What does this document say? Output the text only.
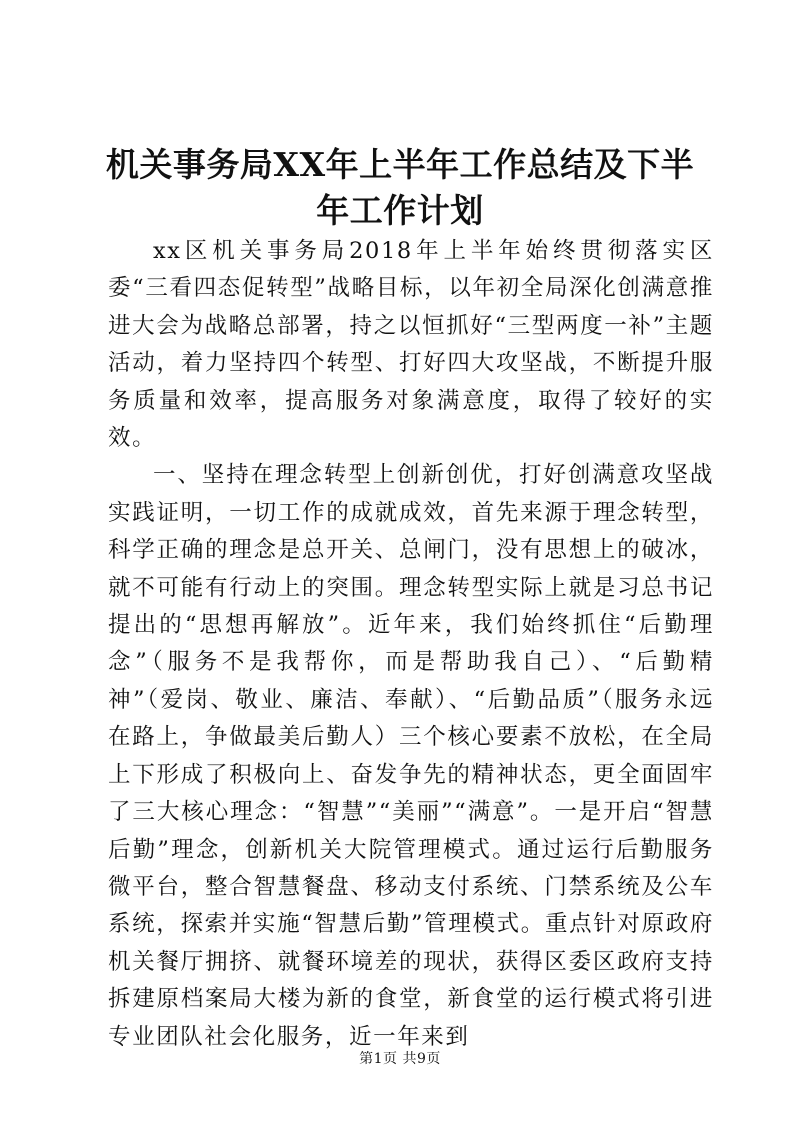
机关事务局XX年上半年工作总结及下半年工作计划

xx区机关事务局2018年上半年始终贯彻落实区委“三看四态促转型”战略目标，以年初全局深化创满意推进大会为战略总部署，持之以恒抓好“三型两度一补”主题活动，着力坚持四个转型、打好四大攻坚战，不断提升服务质量和效率，提高服务对象满意度，取得了较好的实效。

一、坚持在理念转型上创新创优，打好创满意攻坚战实践证明，一切工作的成就成效，首先来源于理念转型，科学正确的理念是总开关、总闸门，没有思想上的破冰，就不可能有行动上的突围。理念转型实际上就是习总书记提出的“思想再解放”。近年来，我们始终抓住“后勤理念”（服务不是我帮你，而是帮助我自己）、“后勤精神”（爱岗、敬业、廉洁、奉献）、“后勤品质”（服务永远在路上，争做最美后勤人）三个核心要素不放松，在全局上下形成了积极向上、奋发争先的精神状态，更全面固牢了三大核心理念：“智慧”“美丽”“满意”。一是开启“智慧后勤”理念，创新机关大院管理模式。通过运行后勤服务微平台，整合智慧餐盘、移动支付系统、门禁系统及公车系统，探索并实施“智慧后勤”管理模式。重点针对原政府机关餐厅拥挤、就餐环境差的现状，获得区委区政府支持拆建原档案局大楼为新的食堂，新食堂的运行模式将引进专业团队社会化服务，近一年来到

第1页 共9页
